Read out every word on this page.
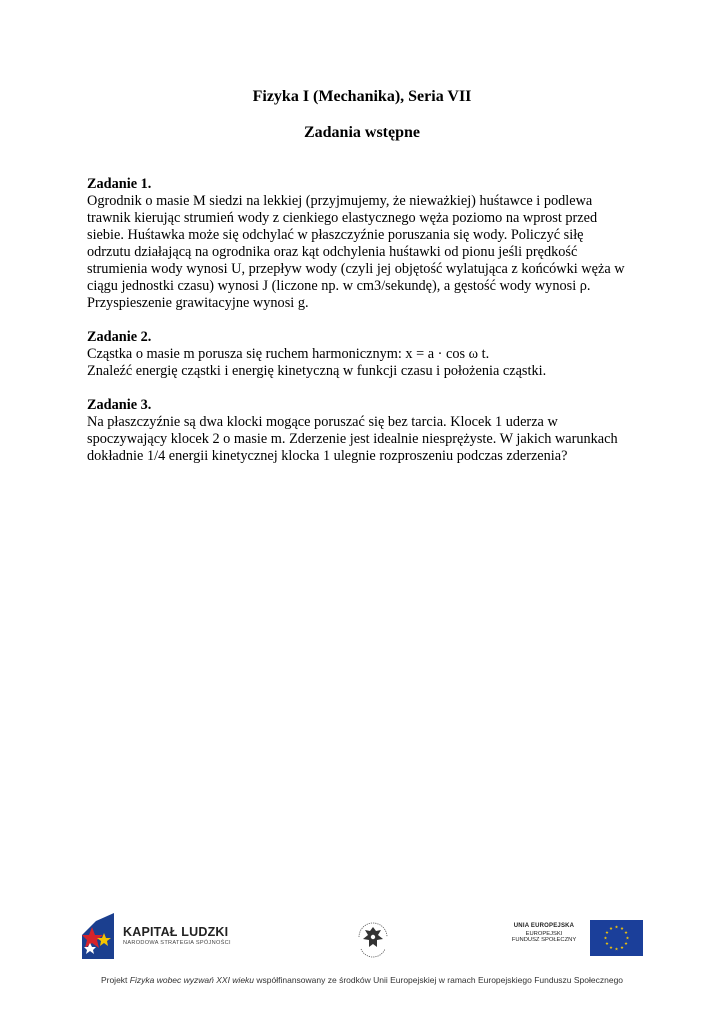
Fizyka I (Mechanika), Seria VII
Zadania wstępne
Zadanie 1.
Ogrodnik o masie M siedzi na lekkiej (przyjmujemy, że nieważkiej) huśtawce i podlewa
trawnik kierując strumień wody z cienkiego elastycznego węża poziomo na wprost przed
siebie. Huśtawka może się odchylać w płaszczyźnie poruszania się wody. Policzyć siłę
odrzutu działającą na ogrodnika oraz kąt odchylenia huśtawki od pionu jeśli prędkość
strumienia wody wynosi U, przepływ wody (czyli jej objętość wylatująca z końcówki węża w
ciągu jednostki czasu) wynosi J (liczone np. w cm3/sekundę), a gęstość wody wynosi ρ.
Przyspieszenie grawitacyjne wynosi g.
Zadanie 2.
Cząstka o masie m porusza się ruchem harmonicznym: x = a · cos ω t.
Znaleźć energię cząstki i energię kinetyczną w funkcji czasu i położenia cząstki.
Zadanie 3.
Na płaszczyźnie są dwa klocki mogące poruszać się bez tarcia. Klocek 1 uderza w
spoczywający klocek 2 o masie m. Zderzenie jest idealnie niesprężyste. W jakich warunkach
dokładnie 1/4 energii kinetycznej klocka 1 ulegnie rozproszeniu podczas zderzenia?
KAPITAŁ LUDZKI
NARODOWA STRATEGIA SPÓJNOŚCI
UNIA EUROPEJSKA
EUROPEJSKI
FUNDUSZ SPOŁECZNY
Projekt Fizyka wobec wyzwań XXI wieku współfinansowany ze środków Unii Europejskiej w ramach Europejskiego Funduszu Społecznego
